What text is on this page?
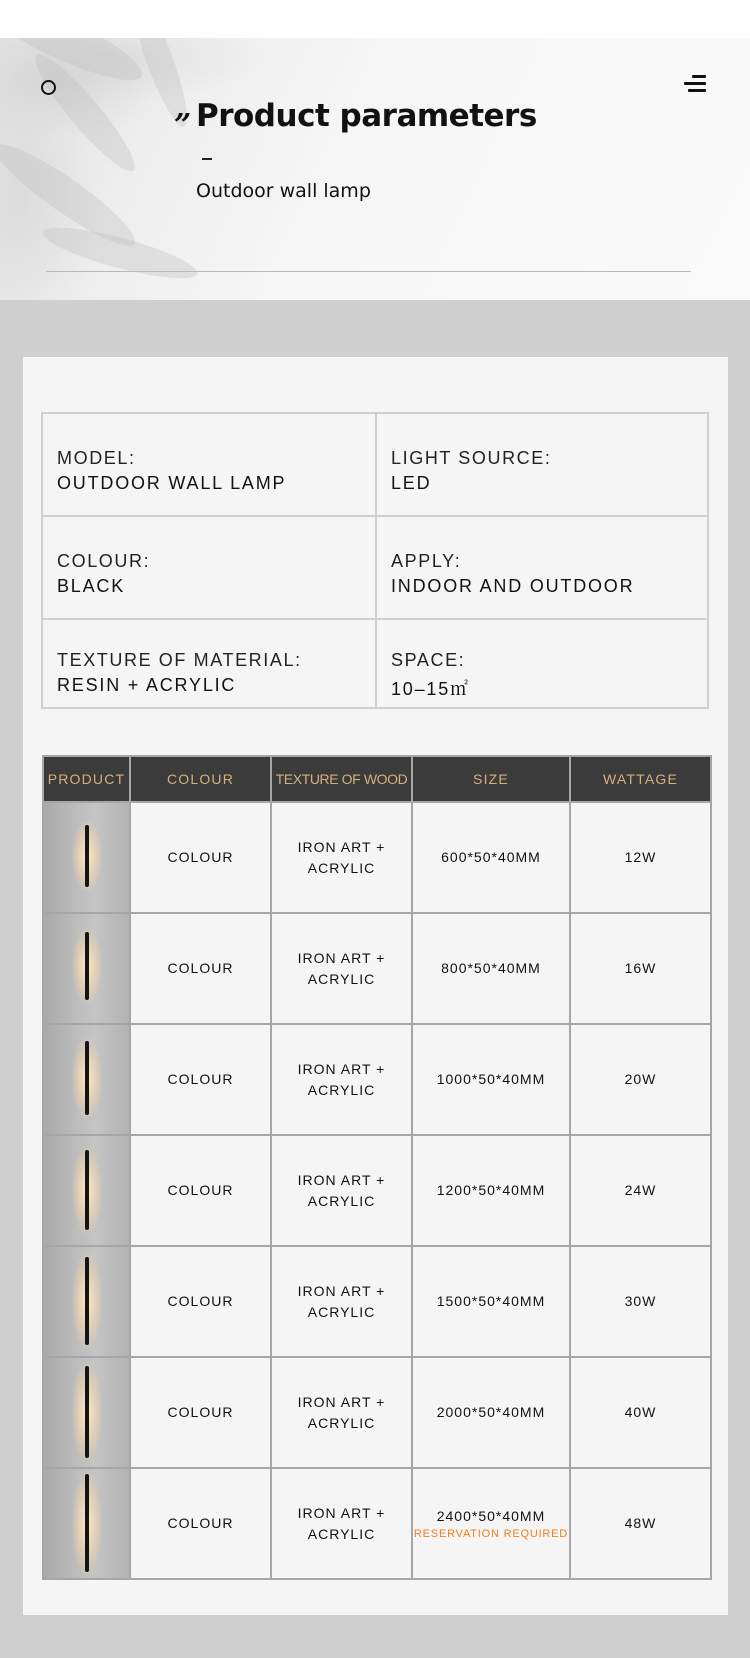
” Product parameters
Outdoor wall lamp
MODEL:
OUTDOOR WALL LAMP
LIGHT SOURCE:
LED
COLOUR:
BLACK
APPLY:
INDOOR AND OUTDOOR
TEXTURE OF MATERIAL:
RESIN + ACRYLIC
SPACE:
10–15㎡
PRODUCT	COLOUR	TEXTURE OF WOOD	SIZE	WATTAGE

	COLOUR	IRON ART +
ACRYLIC	600*50*40MM	12W

	COLOUR	IRON ART +
ACRYLIC	800*50*40MM	16W

	COLOUR	IRON ART +
ACRYLIC	1000*50*40MM	20W

	COLOUR	IRON ART +
ACRYLIC	1200*50*40MM	24W

	COLOUR	IRON ART +
ACRYLIC	1500*50*40MM	30W

	COLOUR	IRON ART +
ACRYLIC	2000*50*40MM	40W

	COLOUR	IRON ART +
ACRYLIC	2400*50*40MM
RESERVATION REQUIRED	48W
